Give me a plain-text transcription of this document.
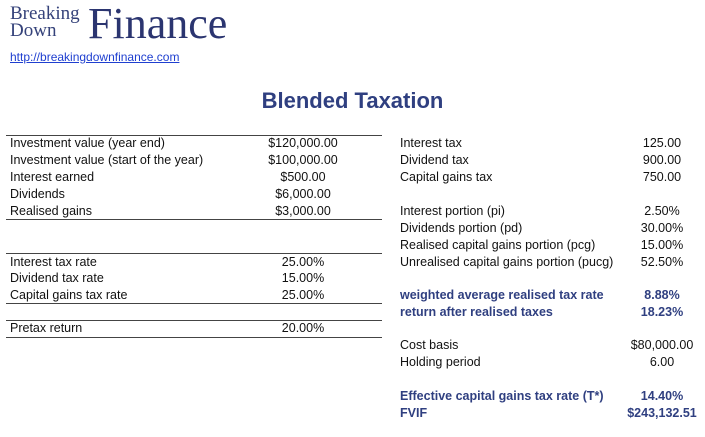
Breaking
Down Finance
http://breakingdownfinance.com
Blended Taxation
Investment value (year end)	$120,000.00
Investment value (start of the year)	$100,000.00
Interest earned	$500.00
Dividends	$6,000.00
Realised gains	$3,000.00
Interest tax rate	25.00%
Dividend tax rate	15.00%
Capital gains tax rate	25.00%
Pretax return	20.00%
Interest tax	125.00
Dividend tax	900.00
Capital gains tax	750.00
Interest portion (pi)	2.50%
Dividends portion (pd)	30.00%
Realised capital gains portion (pcg)	15.00%
Unrealised capital gains portion (pucg)	52.50%
weighted average realised tax rate	8.88%
return after realised taxes	18.23%
Cost basis	$80,000.00
Holding period	6.00
Effective capital gains tax rate (T*)	14.40%
FVIF	$243,132.51
